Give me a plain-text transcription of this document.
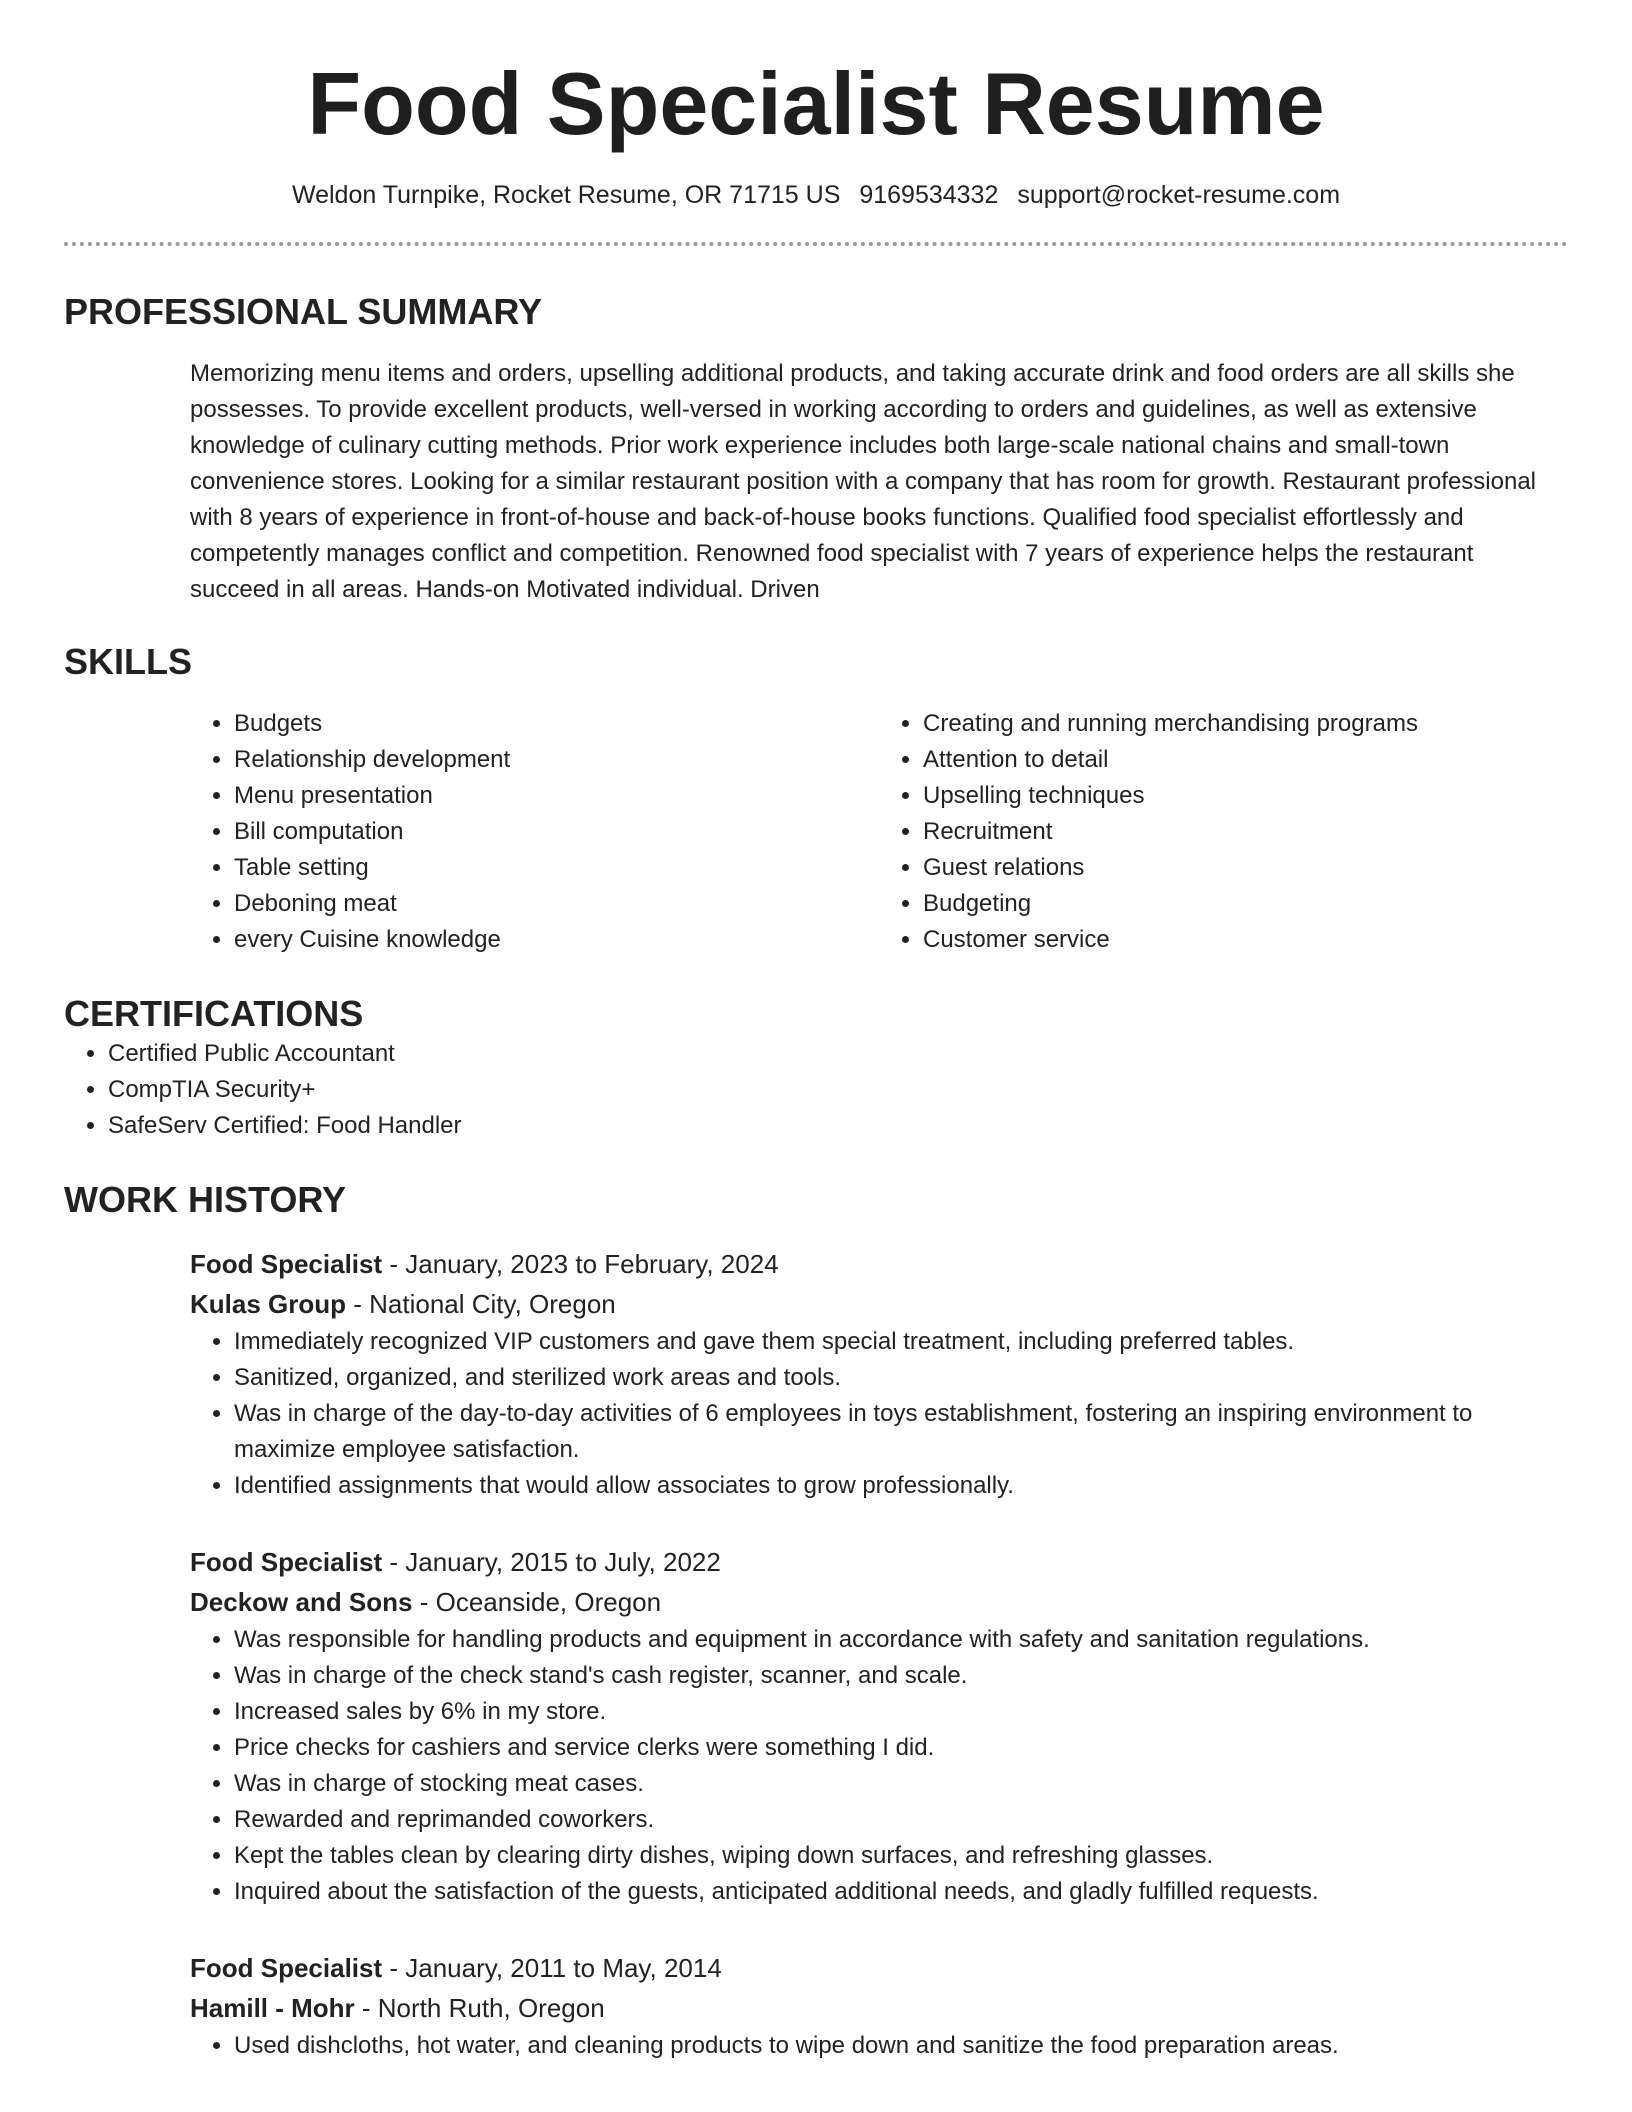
Food Specialist Resume
Weldon Turnpike, Rocket Resume, OR 71715 US 9169534332 support@rocket-resume.com
PROFESSIONAL SUMMARY

Memorizing menu items and orders, upselling additional products, and taking accurate drink and food orders are all skills she possesses. To provide excellent products, well-versed in working according to orders and guidelines, as well as extensive knowledge of culinary cutting methods. Prior work experience includes both large-scale national chains and small-town convenience stores. Looking for a similar restaurant position with a company that has room for growth. Restaurant professional with 8 years of experience in front-of-house and back-of-house books functions. Qualified food specialist effortlessly and competently manages conflict and competition. Renowned food specialist with 7 years of experience helps the restaurant succeed in all areas. Hands-on Motivated individual. Driven

SKILLS
• Budgets
• Relationship development
• Menu presentation
• Bill computation
• Table setting
• Deboning meat
• every Cuisine knowledge
• Creating and running merchandising programs
• Attention to detail
• Upselling techniques
• Recruitment
• Guest relations
• Budgeting
• Customer service
CERTIFICATIONS
• Certified Public Accountant
• CompTIA Security+
• SafeServ Certified: Food Handler
WORK HISTORY
Food Specialist - January, 2023 to February, 2024
Kulas Group - National City, Oregon
• Immediately recognized VIP customers and gave them special treatment, including preferred tables.
• Sanitized, organized, and sterilized work areas and tools.
• Was in charge of the day-to-day activities of 6 employees in toys establishment, fostering an inspiring environment to maximize employee satisfaction.
• Identified assignments that would allow associates to grow professionally.
Food Specialist - January, 2015 to July, 2022
Deckow and Sons - Oceanside, Oregon
• Was responsible for handling products and equipment in accordance with safety and sanitation regulations.
• Was in charge of the check stand's cash register, scanner, and scale.
• Increased sales by 6% in my store.
• Price checks for cashiers and service clerks were something I did.
• Was in charge of stocking meat cases.
• Rewarded and reprimanded coworkers.
• Kept the tables clean by clearing dirty dishes, wiping down surfaces, and refreshing glasses.
• Inquired about the satisfaction of the guests, anticipated additional needs, and gladly fulfilled requests.
Food Specialist - January, 2011 to May, 2014
Hamill - Mohr - North Ruth, Oregon
• Used dishcloths, hot water, and cleaning products to wipe down and sanitize the food preparation areas.
